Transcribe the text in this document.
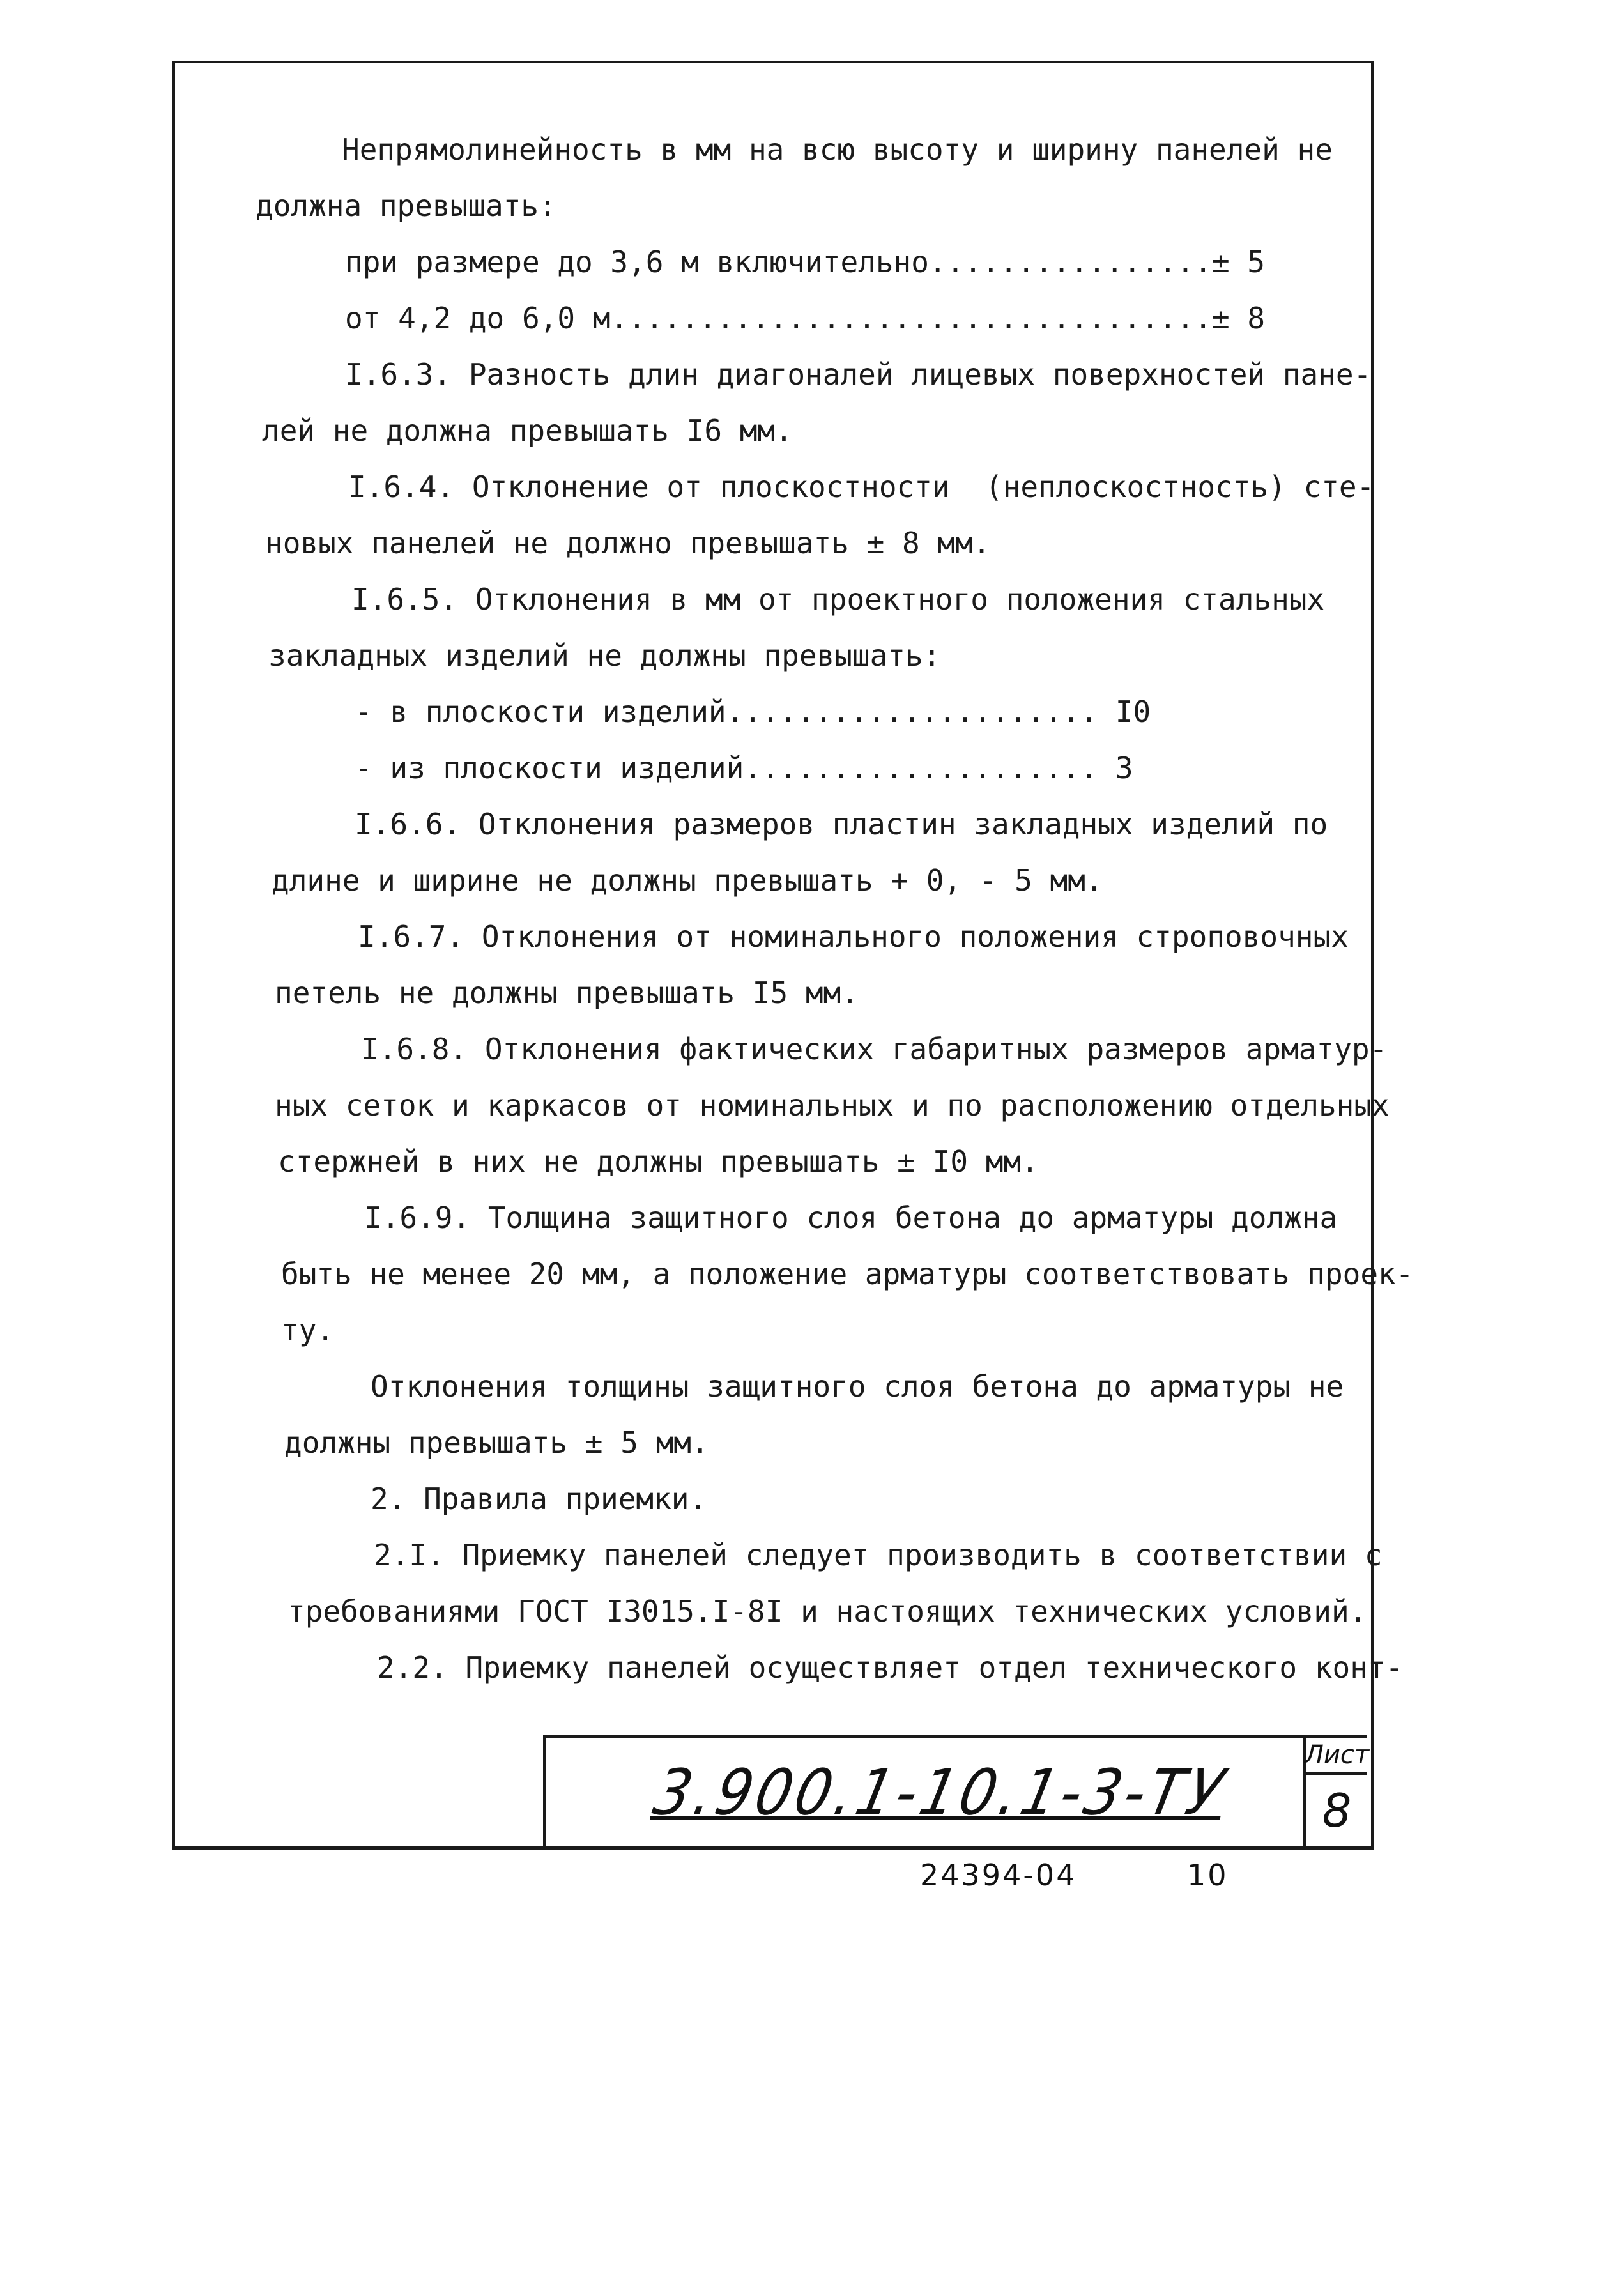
Непрямолинейность в мм на всю высоту и ширину панелей не
должна превышать:
при размере до 3,6 м включительно................± 5
от 4,2 до 6,0 м..................................± 8
I.6.3. Разность длин диагоналей лицевых поверхностей пане-
лей не должна превышать I6 мм.
I.6.4. Отклонение от плоскостности  (неплоскостность) сте-
новых панелей не должно превышать ± 8 мм.
I.6.5. Отклонения в мм от проектного положения стальных
закладных изделий не должны превышать:
- в плоскости изделий..................... I0
- из плоскости изделий.................... 3
I.6.6. Отклонения размеров пластин закладных изделий по
длине и ширине не должны превышать + 0, - 5 мм.
I.6.7. Отклонения от номинального положения строповочных
петель не должны превышать I5 мм.
I.6.8. Отклонения фактических габаритных размеров арматур-
ных сеток и каркасов от номинальных и по расположению отдельных
стержней в них не должны превышать ± I0 мм.
I.6.9. Толщина защитного слоя бетона до арматуры должна
быть не менее 20 мм, а положение арматуры соответствовать проек-
ту.
Отклонения толщины защитного слоя бетона до арматуры не
должны превышать ± 5 мм.
2. Правила приемки.
2.I. Приемку панелей следует производить в соответствии с
требованиями ГОСТ I3015.I-8I и настоящих технических условий.
2.2. Приемку панелей осуществляет отдел технического конт-
3.900.1-10.1-3-ТУ
Лист
8
24394-04	10
